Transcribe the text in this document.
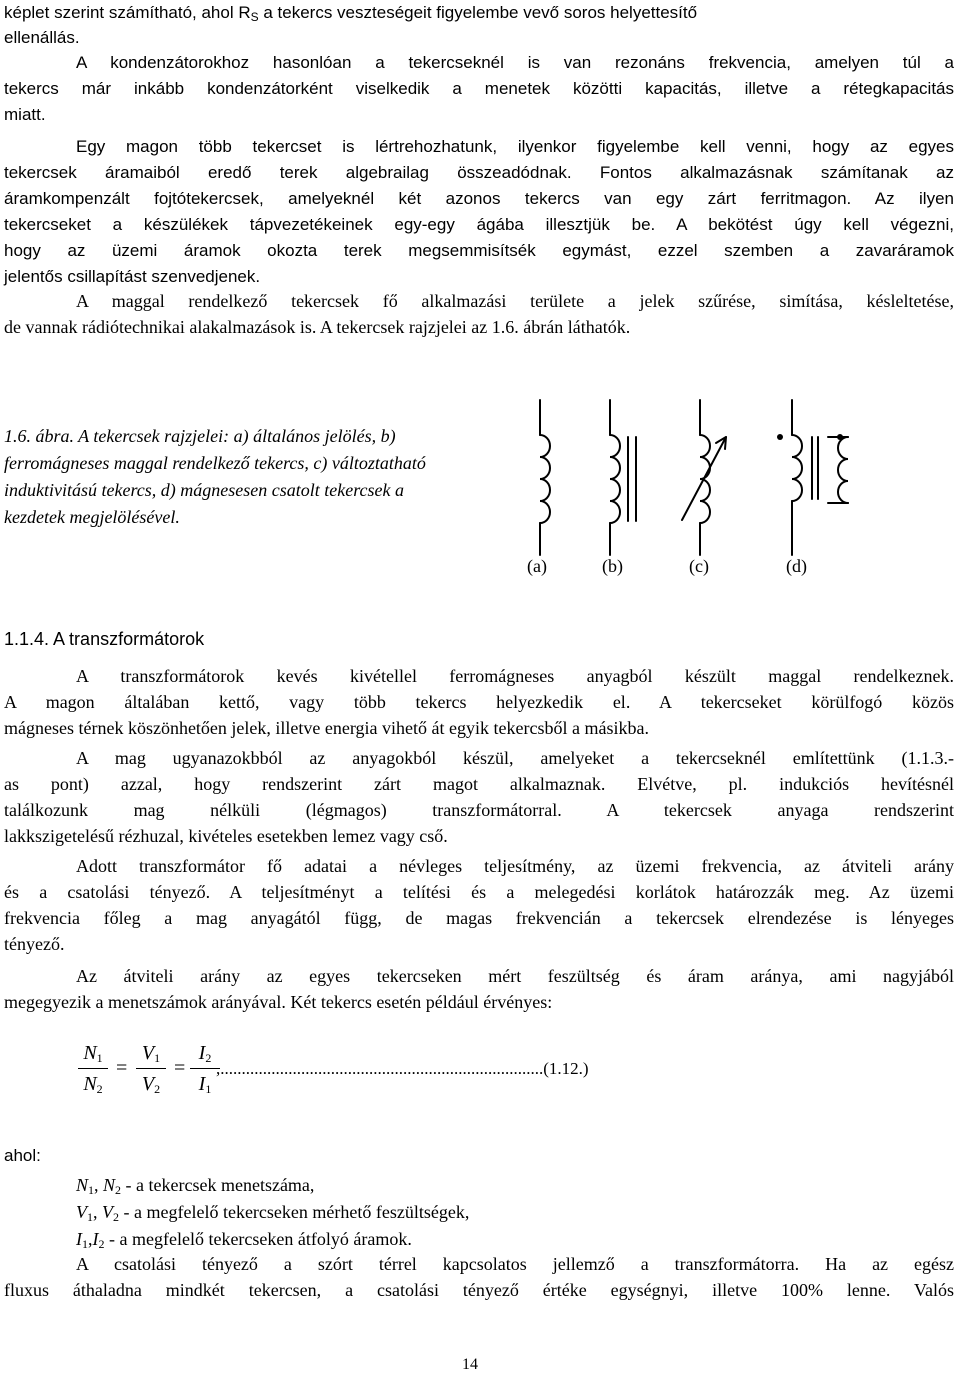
képlet szerint számítható, ahol $R_S$ a tekercs veszteségeit figyelembe vevő soros helyettesítő
ellenállás.
A kondenzátorokhoz hasonlóan a tekercseknél is van rezonáns frekvencia, amelyen túl a
tekercs már inkább kondenzátorként viselkedik a menetek közötti kapacitás, illetve a rétegkapacitás
miatt.
Egy magon több tekercset is lértrehozhatunk, ilyenkor figyelembe kell venni, hogy az egyes
tekercsek áramaiból eredő terek algebrailag összeadódnak. Fontos alkalmazásnak számítanak az
áramkompenzált fojtótekercsek, amelyeknél két azonos tekercs van egy zárt ferritmagon. Az ilyen
tekercseket a készülékek tápvezetékeinek egy-egy ágába illesztjük be. A bekötést úgy kell végezni,
hogy az üzemi áramok okozta terek megsemmisítsék egymást, ezzel szemben a zavaráramok
jelentős csillapítást szenvedjenek.
A maggal rendelkező tekercsek fő alkalmazási területe a jelek szűrése, simítása, késleltetése,
de vannak rádiótechnikai alakalmazások is. A tekercsek rajzjelei az 1.6. ábrán láthatók.
1.6. ábra. A tekercsek rajzjelei: a) általános jelölés, b) ferromágneses maggal rendelkező tekercs, c) változtatható induktivitású tekercs, d) mágnesesen csatolt tekercsek a kezdetek megjelölésével.
(a)	(b)	(c)	(d)
1.1.4. A transzformátorok
A transzformátorok kevés kivétellel ferromágneses anyagból készült maggal rendelkeznek.
A magon általában kettő, vagy több tekercs helyezkedik el. A tekercseket körülfogó közös
mágneses térnek köszönhetően jelek, illetve energia vihető át egyik tekercsből a másikba.
A mag ugyanazokbból az anyagokból készül, amelyeket a tekercseknél említettünk (1.1.3.-
as pont) azzal, hogy rendszerint zárt magot alkalmaznak. Elvétve, pl. indukciós hevítésnél
találkozunk mag nélküli (légmagos) transzformátorral. A tekercsek anyaga rendszerint
lakkszigetelésű rézhuzal, kivételes esetekben lemez vagy cső.
Adott transzformátor fő adatai a névleges teljesítmény, az üzemi frekvencia, az átviteli arány
és a csatolási tényező. A teljesítményt a telítési és a melegedési korlátok határozzák meg. Az üzemi
frekvencia főleg a mag anyagától függ, de magas frekvencián a tekercsek elrendezése is lényeges
tényező.
Az átviteli arány az egyes tekercseken mért feszültség és áram aránya, ami nagyjából
megegyezik a menetszámok arányával. Két tekercs esetén például érvényes:
$N_1$
$N_2$
=
$V_1$
$V_2$
=
$I_2$
$I_1$
,............................................................................(1.12.)
ahol:
$N_1$, $N_2$ - a tekercsek menetszáma,
$V_1$, $V_2$ - a megfelelő tekercseken mérhető feszültségek,
$I_1,I_2$ - a megfelelő tekercseken átfolyó áramok.
A csatolási tényező a szórt térrel kapcsolatos jellemző a transzformátorra. Ha az egész
fluxus áthaladna mindkét tekercsen, a csatolási tényező értéke egységnyi, illetve 100% lenne. Valós
14
